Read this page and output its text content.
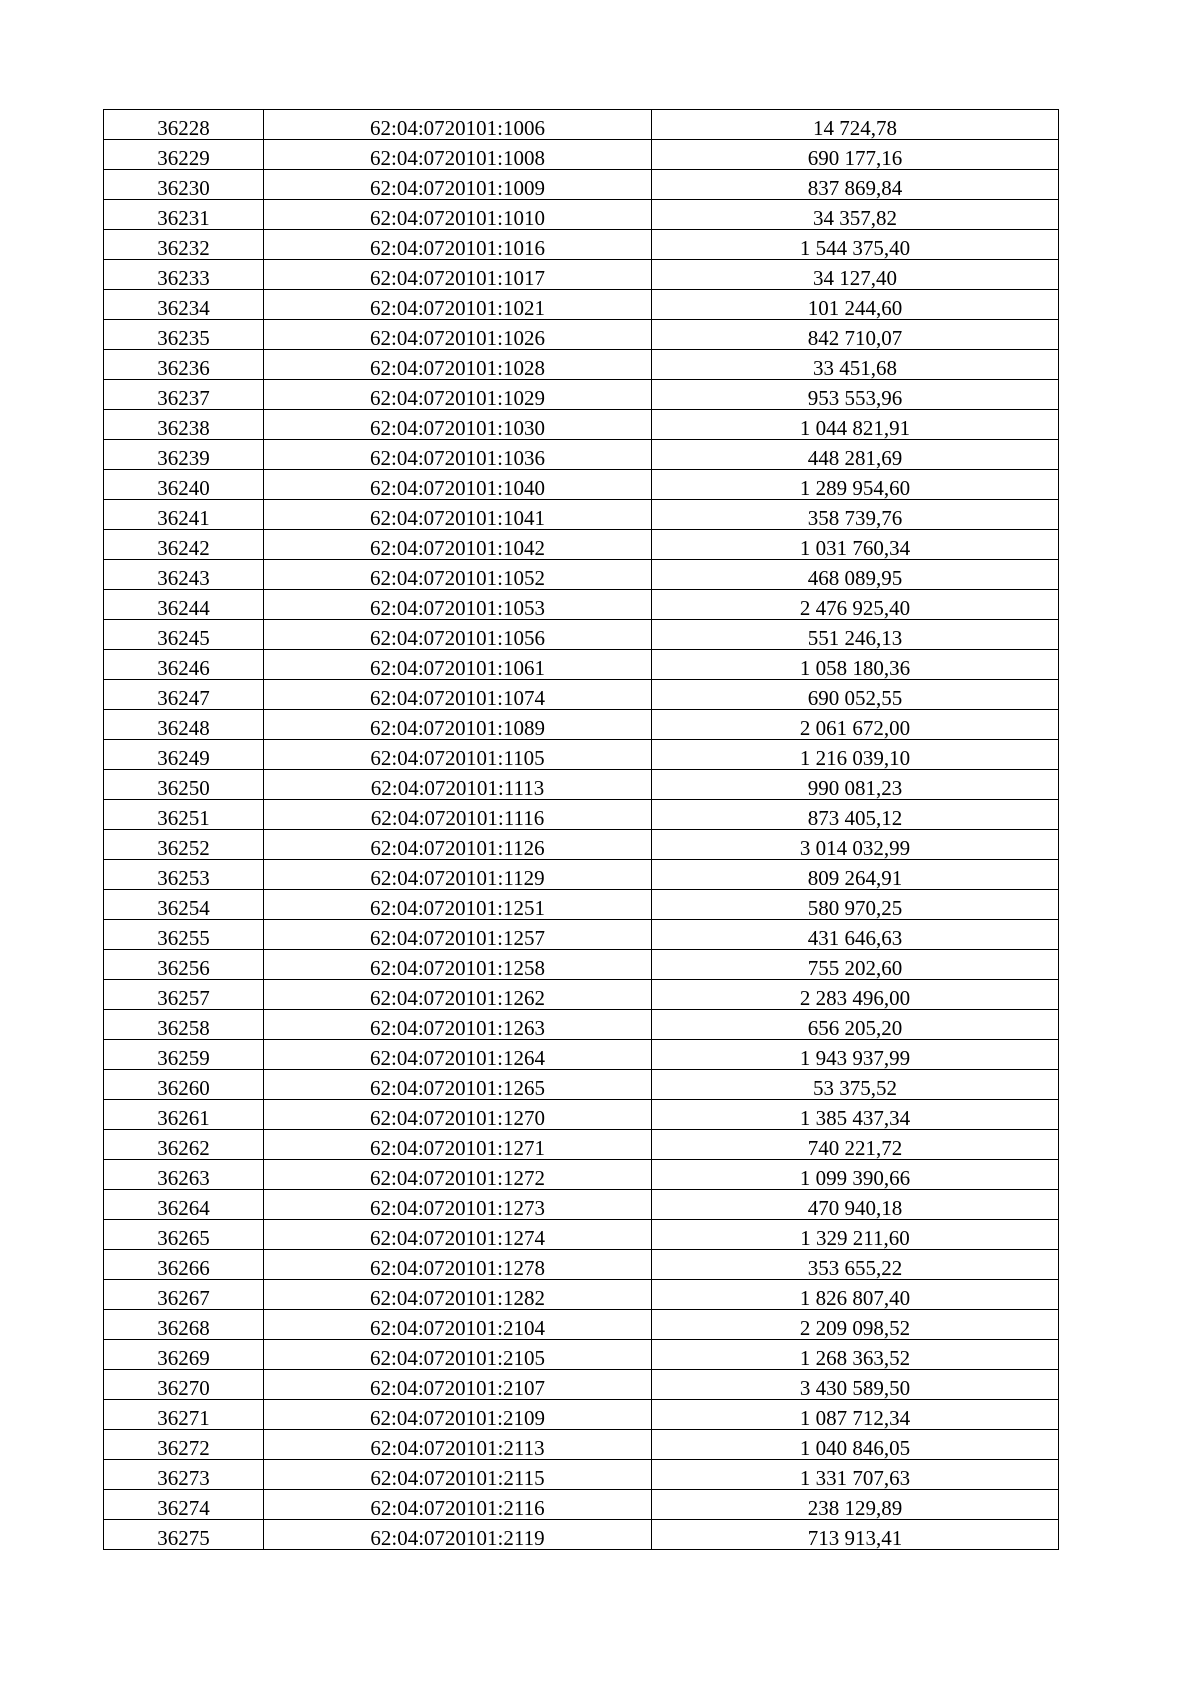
36228	62:04:0720101:1006	14 724,78
36229	62:04:0720101:1008	690 177,16
36230	62:04:0720101:1009	837 869,84
36231	62:04:0720101:1010	34 357,82
36232	62:04:0720101:1016	1 544 375,40
36233	62:04:0720101:1017	34 127,40
36234	62:04:0720101:1021	101 244,60
36235	62:04:0720101:1026	842 710,07
36236	62:04:0720101:1028	33 451,68
36237	62:04:0720101:1029	953 553,96
36238	62:04:0720101:1030	1 044 821,91
36239	62:04:0720101:1036	448 281,69
36240	62:04:0720101:1040	1 289 954,60
36241	62:04:0720101:1041	358 739,76
36242	62:04:0720101:1042	1 031 760,34
36243	62:04:0720101:1052	468 089,95
36244	62:04:0720101:1053	2 476 925,40
36245	62:04:0720101:1056	551 246,13
36246	62:04:0720101:1061	1 058 180,36
36247	62:04:0720101:1074	690 052,55
36248	62:04:0720101:1089	2 061 672,00
36249	62:04:0720101:1105	1 216 039,10
36250	62:04:0720101:1113	990 081,23
36251	62:04:0720101:1116	873 405,12
36252	62:04:0720101:1126	3 014 032,99
36253	62:04:0720101:1129	809 264,91
36254	62:04:0720101:1251	580 970,25
36255	62:04:0720101:1257	431 646,63
36256	62:04:0720101:1258	755 202,60
36257	62:04:0720101:1262	2 283 496,00
36258	62:04:0720101:1263	656 205,20
36259	62:04:0720101:1264	1 943 937,99
36260	62:04:0720101:1265	53 375,52
36261	62:04:0720101:1270	1 385 437,34
36262	62:04:0720101:1271	740 221,72
36263	62:04:0720101:1272	1 099 390,66
36264	62:04:0720101:1273	470 940,18
36265	62:04:0720101:1274	1 329 211,60
36266	62:04:0720101:1278	353 655,22
36267	62:04:0720101:1282	1 826 807,40
36268	62:04:0720101:2104	2 209 098,52
36269	62:04:0720101:2105	1 268 363,52
36270	62:04:0720101:2107	3 430 589,50
36271	62:04:0720101:2109	1 087 712,34
36272	62:04:0720101:2113	1 040 846,05
36273	62:04:0720101:2115	1 331 707,63
36274	62:04:0720101:2116	238 129,89
36275	62:04:0720101:2119	713 913,41
